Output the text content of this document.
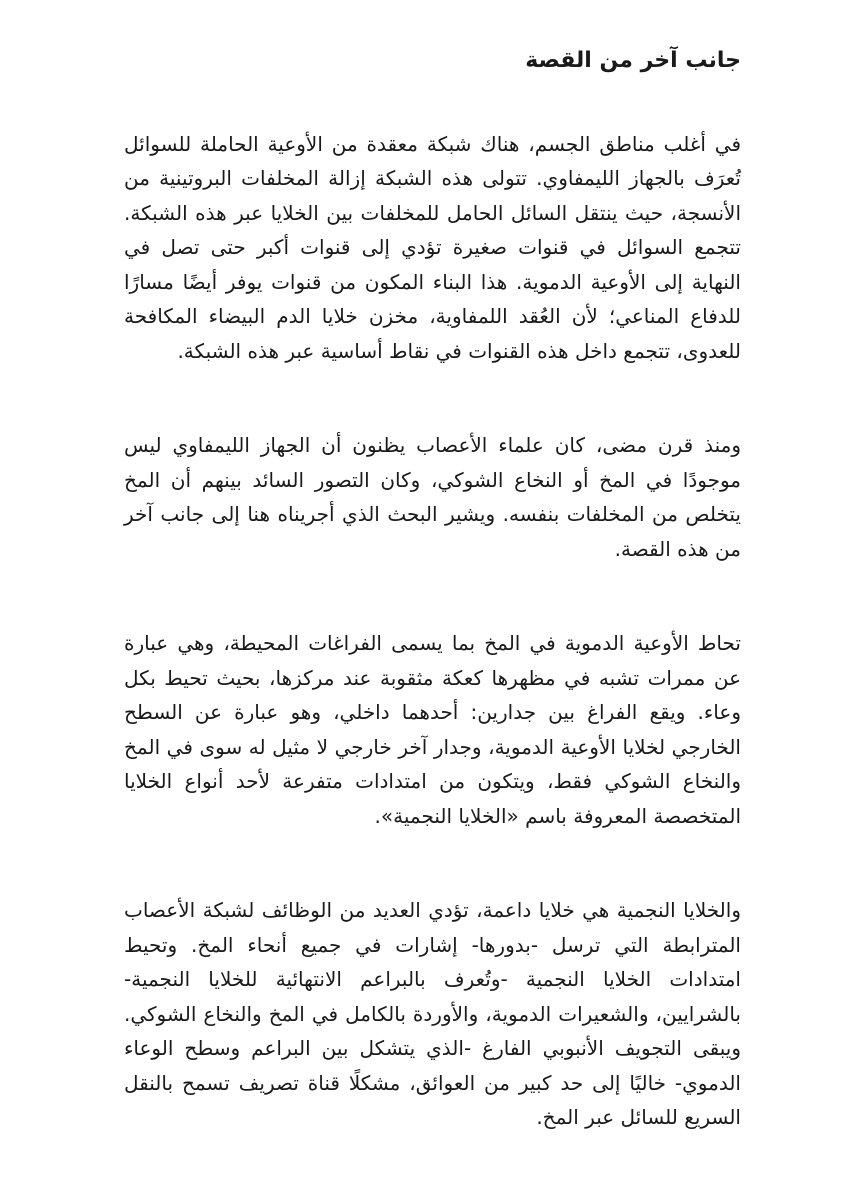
جانب آخر من القصة

في أغلب مناطق الجسم، هناك شبكة معقدة من الأوعية الحاملة للسوائل تُعرَف بالجهاز الليمفاوي. تتولى هذه الشبكة إزالة المخلفات البروتينية من الأنسجة، حيث ينتقل السائل الحامل للمخلفات بين الخلايا عبر هذه الشبكة. تتجمع السوائل في قنوات صغيرة تؤدي إلى قنوات أكبر حتى تصل في النهاية إلى الأوعية الدموية. هذا البناء المكون من قنوات يوفر أيضًا مسارًا للدفاع المناعي؛ لأن العُقد اللمفاوية، مخزن خلايا الدم البيضاء المكافحة للعدوى، تتجمع داخل هذه القنوات في نقاط أساسية عبر هذه الشبكة.

ومنذ قرن مضى، كان علماء الأعصاب يظنون أن الجهاز الليمفاوي ليس موجودًا في المخ أو النخاع الشوكي، وكان التصور السائد بينهم أن المخ يتخلص من المخلفات بنفسه. ويشير البحث الذي أجريناه هنا إلى جانب آخر من هذه القصة.

تحاط الأوعية الدموية في المخ بما يسمى الفراغات المحيطة، وهي عبارة عن ممرات تشبه في مظهرها كعكة مثقوبة عند مركزها، بحيث تحيط بكل وعاء. ويقع الفراغ بين جدارين: أحدهما داخلي، وهو عبارة عن السطح الخارجي لخلايا الأوعية الدموية، وجدار آخر خارجي لا مثيل له سوى في المخ والنخاع الشوكي فقط، ويتكون من امتدادات متفرعة لأحد أنواع الخلايا المتخصصة المعروفة باسم «الخلايا النجمية».

والخلايا النجمية هي خلايا داعمة، تؤدي العديد من الوظائف لشبكة الأعصاب المترابطة التي ترسل -بدورها- إشارات في جميع أنحاء المخ. وتحيط امتدادات الخلايا النجمية -وتُعرف بالبراعم الانتهائية للخلايا النجمية- بالشرايين، والشعيرات الدموية، والأوردة بالكامل في المخ والنخاع الشوكي. ويبقى التجويف الأنبوبي الفارغ -الذي يتشكل بين البراعم وسطح الوعاء الدموي- خاليًا إلى حد كبير من العوائق، مشكلًا قناة تصريف تسمح بالنقل السريع للسائل عبر المخ.
